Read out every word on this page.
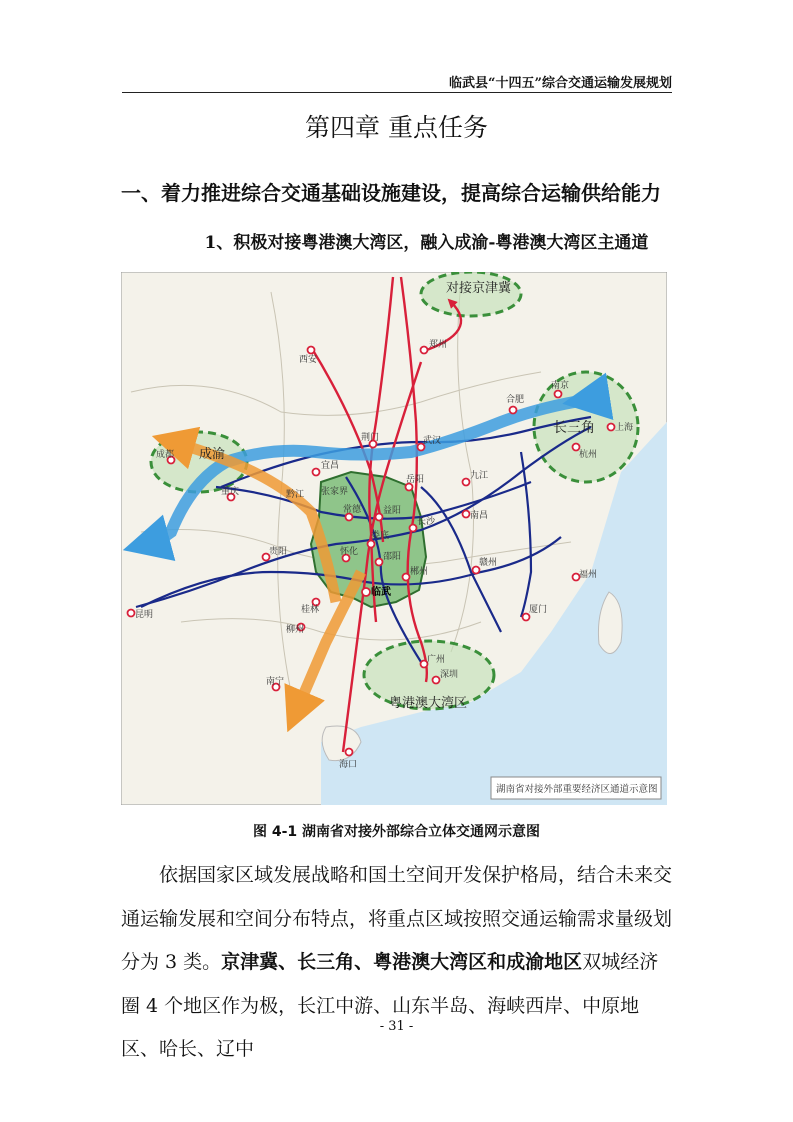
临武县“十四五”综合交通运输发展规划
第四章 重点任务
一、着力推进综合交通基础设施建设，提高综合运输供给能力
1、积极对接粤港澳大湾区，融入成渝-粤港澳大湾区主通道
对接京津冀
长三角
成渝
粤港澳大湾区
郑州
西安
合肥
南京
上海
杭州
成都
重庆
荆门	武汉
宜昌
常德 益阳
长沙
娄底
怀化	邵阳
郴州
临武
贵阳
昆明	桂林
柳州
南宁
广州
深圳
海口
南昌
九江
赣州
福州
厦门
黔江
岳阳
张家界
湖南省对接外部重要经济区通道示意图
图 4-1 湖南省对接外部综合立体交通网示意图

依据国家区域发展战略和国土空间开发保护格局，结合未来交通运输发展和空间分布特点，将重点区域按照交通运输需求量级划分为 3 类。京津冀、长三角、粤港澳大湾区和成渝地区双城经济圈 4 个地区作为极，长江中游、山东半岛、海峡西岸、中原地区、哈长、辽中

- 31 -
